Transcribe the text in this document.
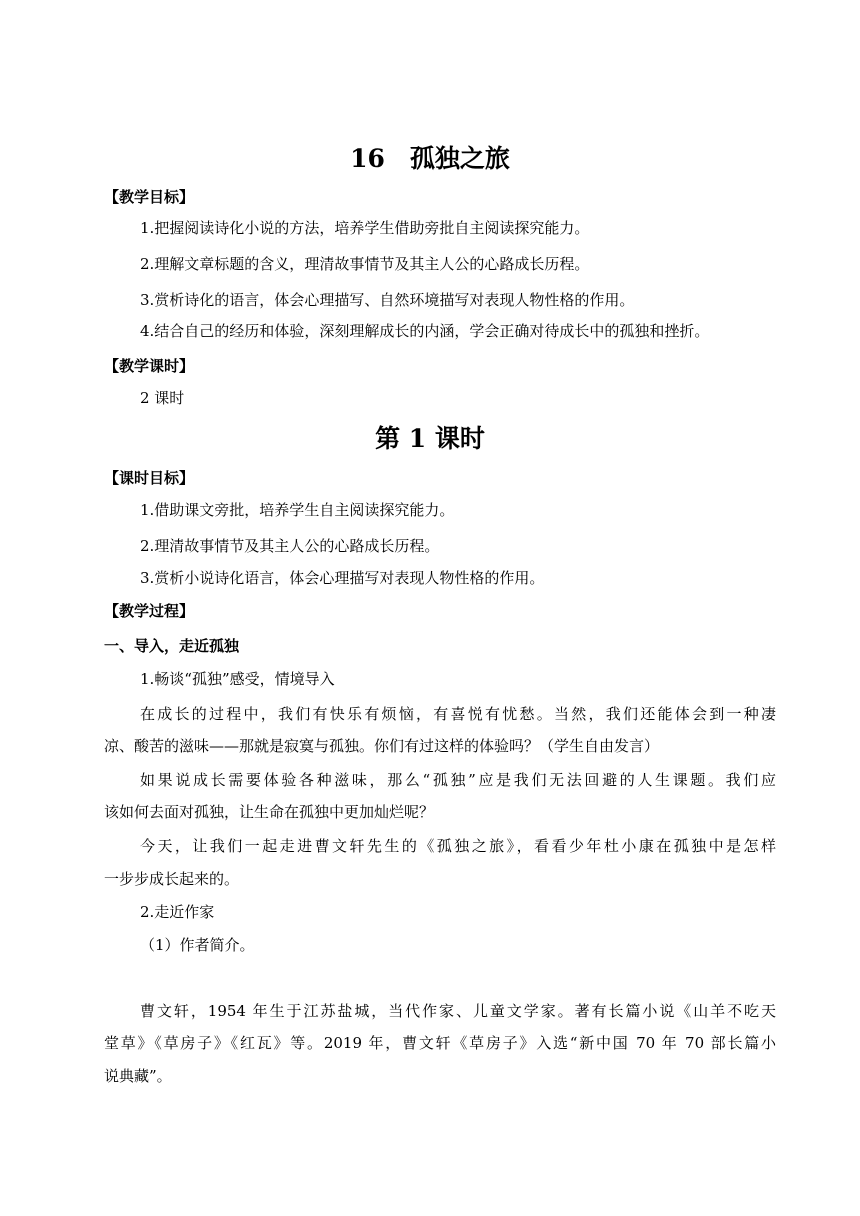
16　孤独之旅
【教学目标】
1.把握阅读诗化小说的方法，培养学生借助旁批自主阅读探究能力。
2.理解文章标题的含义，理清故事情节及其主人公的心路成长历程。
3.赏析诗化的语言，体会心理描写、自然环境描写对表现人物性格的作用。
4.结合自己的经历和体验，深刻理解成长的内涵，学会正确对待成长中的孤独和挫折。
【教学课时】
2 课时
第 1 课时
【课时目标】
1.借助课文旁批，培养学生自主阅读探究能力。
2.理清故事情节及其主人公的心路成长历程。
3.赏析小说诗化语言，体会心理描写对表现人物性格的作用。
【教学过程】
一、导入，走近孤独
1.畅谈“孤独”感受，情境导入
在成长的过程中，我们有快乐有烦恼，有喜悦有忧愁。当然，我们还能体会到一种凄
凉、酸苦的滋味——那就是寂寞与孤独。你们有过这样的体验吗？（学生自由发言）
如果说成长需要体验各种滋味，那么“孤独”应是我们无法回避的人生课题。我们应
该如何去面对孤独，让生命在孤独中更加灿烂呢？
今天，让我们一起走进曹文轩先生的《孤独之旅》，看看少年杜小康在孤独中是怎样
一步步成长起来的。
2.走近作家
（1）作者简介。
曹文轩，1954 年生于江苏盐城，当代作家、儿童文学家。著有长篇小说《山羊不吃天
堂草》《草房子》《红瓦》等。2019 年，曹文轩《草房子》入选“新中国 70 年 70 部长篇小
说典藏”。
